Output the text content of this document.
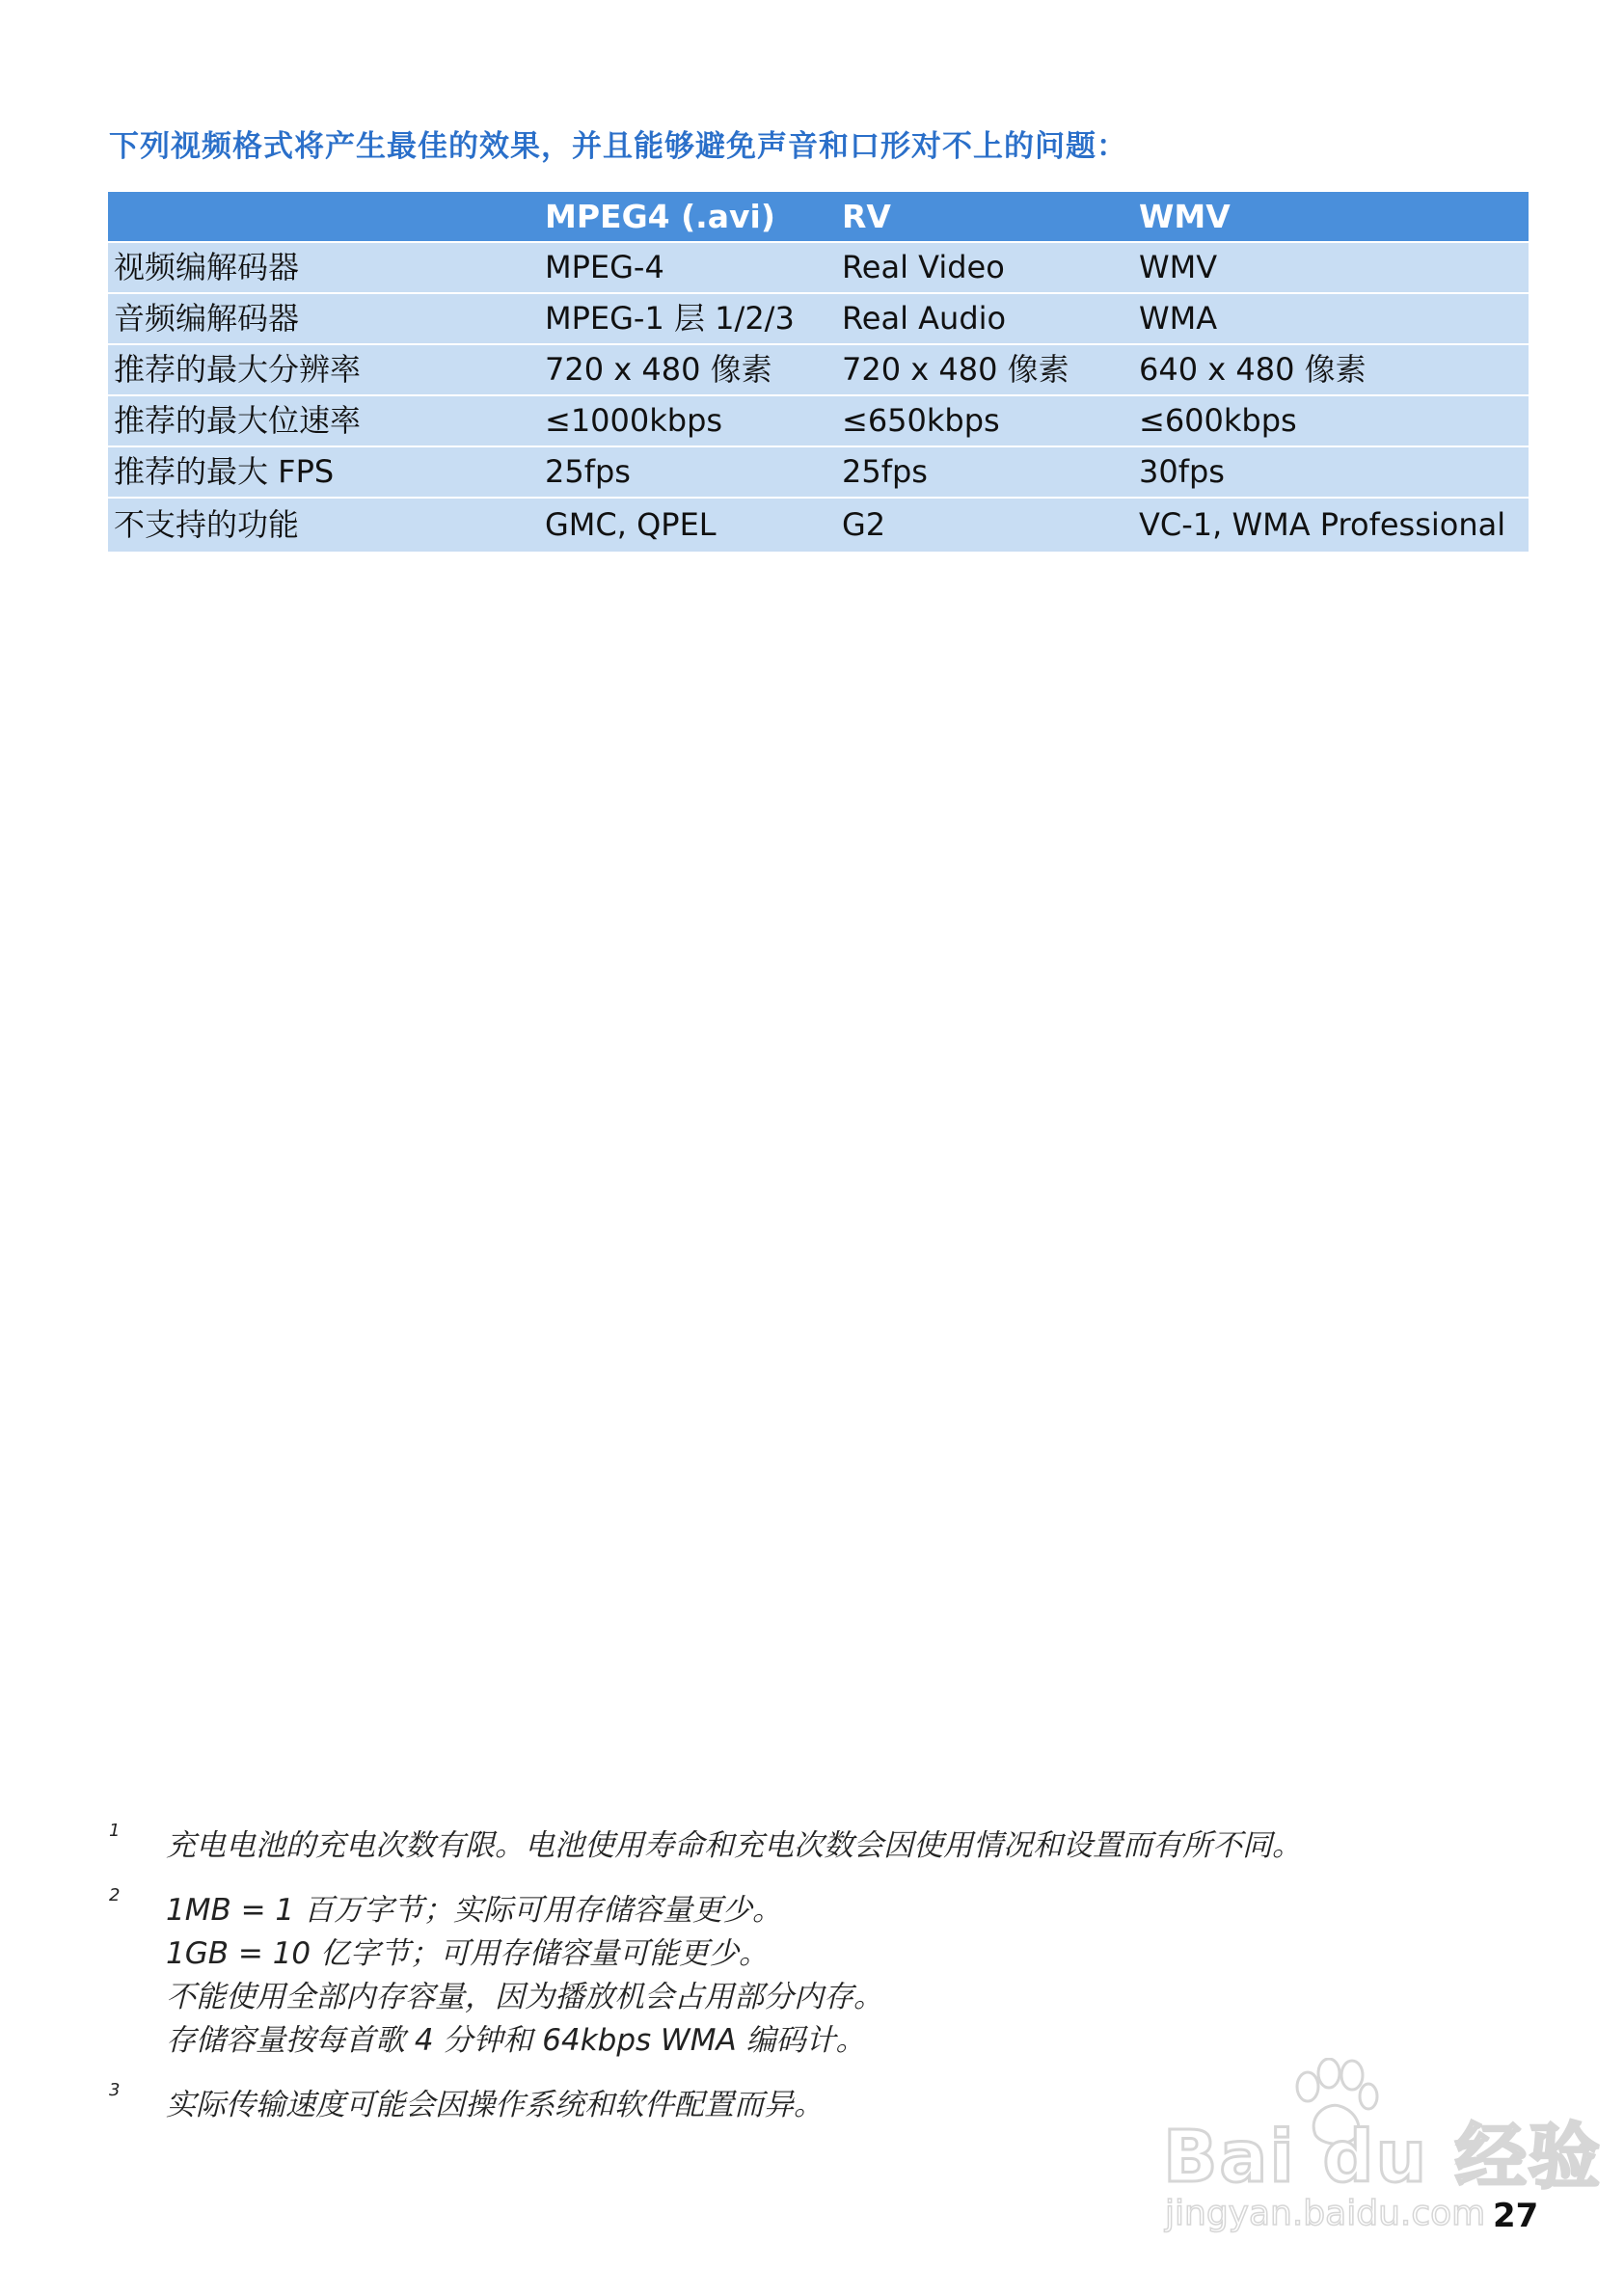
下列视频格式将产生最佳的效果，并且能够避免声音和口形对不上的问题：
	MPEG4 (.avi)	RV	WMV
视频编解码器	MPEG-4	Real Video	WMV
音频编解码器	MPEG-1 层 1/2/3	Real Audio	WMA
推荐的最大分辨率	720 x 480 像素	720 x 480 像素	640 x 480 像素
推荐的最大位速率	≤1000kbps	≤650kbps	≤600kbps
推荐的最大 FPS	25fps	25fps	30fps
不支持的功能	GMC, QPEL	G2	VC-1, WMA Professional
1 充电电池的充电次数有限。电池使用寿命和充电次数会因使用情况和设置而有所不同。
2 1MB = 1 百万字节；实际可用存储容量更少。
1GB = 10 亿字节；可用存储容量可能更少。
不能使用全部内存容量，因为播放机会占用部分内存。
存储容量按每首歌 4 分钟和 64kbps WMA 编码计。
3 实际传输速度可能会因操作系统和软件配置而异。
Bai du 经验
jingyan.baidu.com 27
